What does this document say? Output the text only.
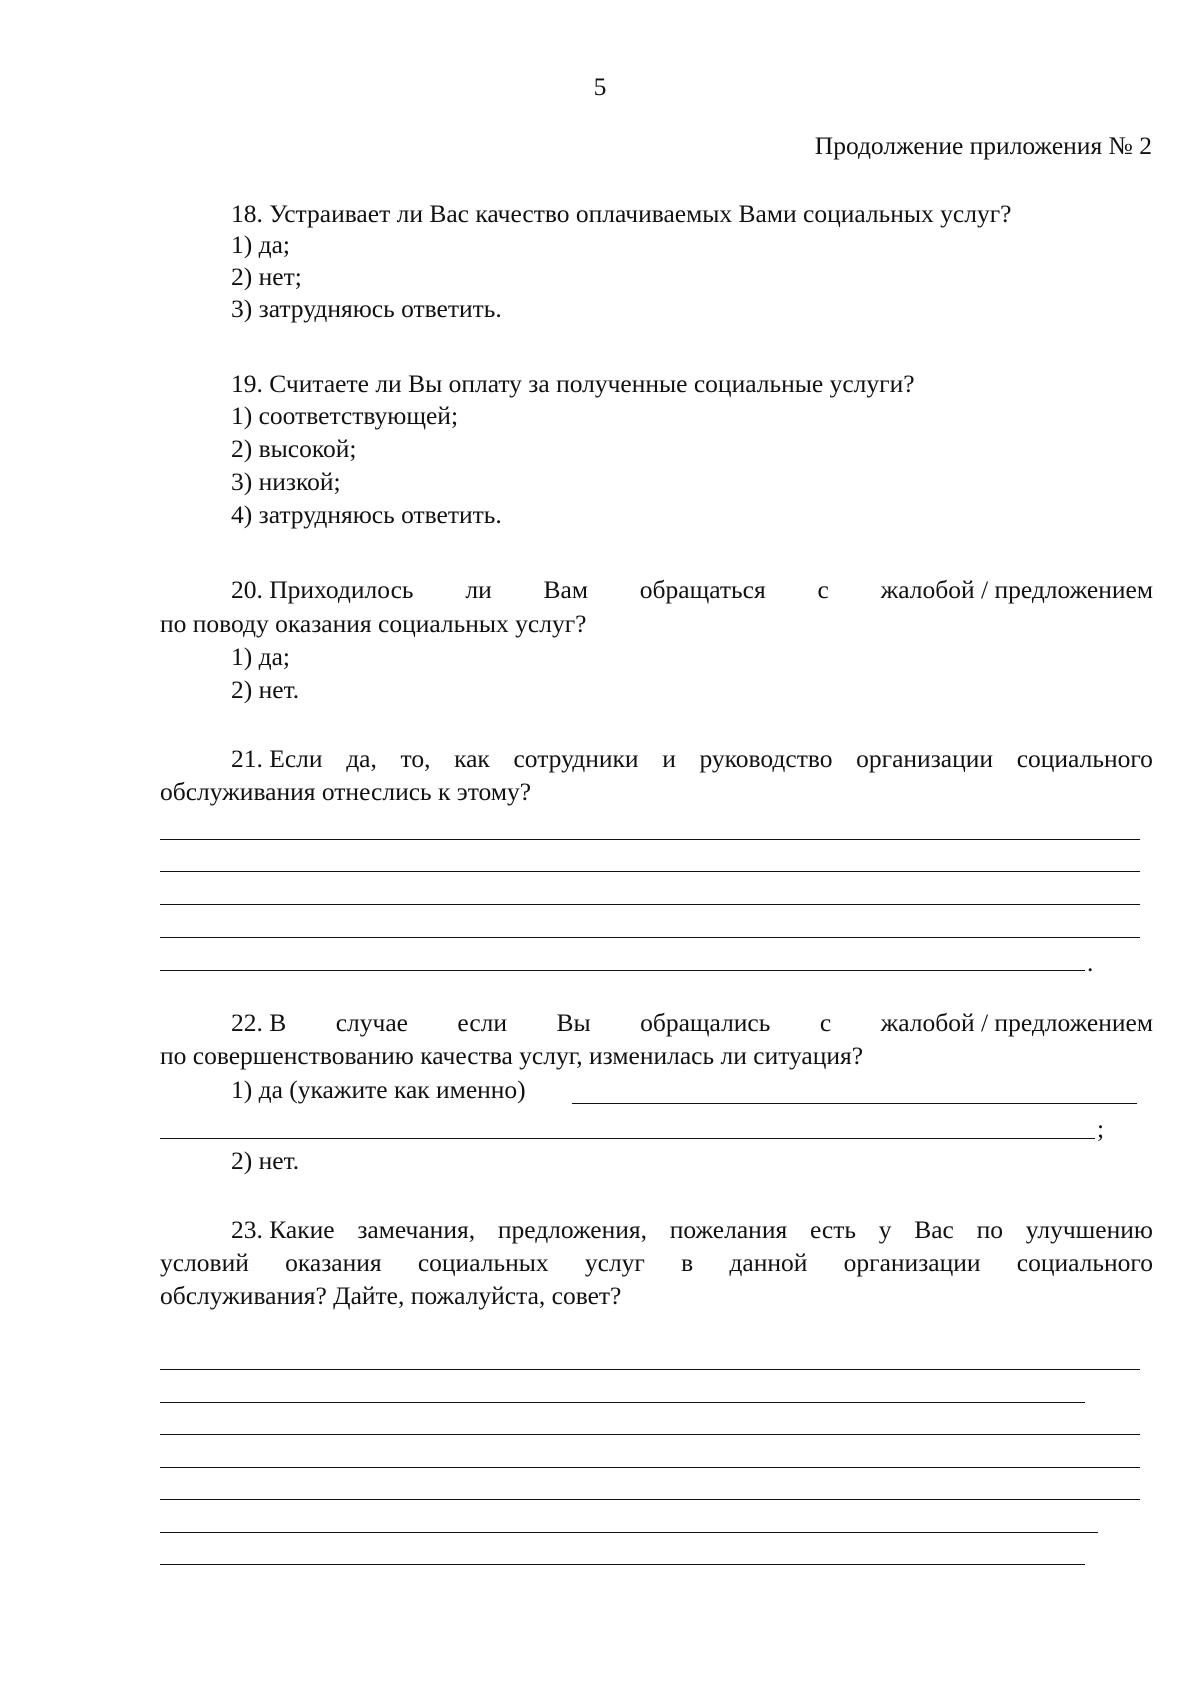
5
Продолжение приложения № 2
18. Устраивает ли Вас качество оплачиваемых Вами социальных услуг?
1) да;
2) нет;
3) затрудняюсь ответить.
19. Считаете ли Вы оплату за полученные социальные услуги?
1) соответствующей;
2) высокой;
3) низкой;
4) затрудняюсь ответить.
20. Приходилось ли Вам обращаться с жалобой / предложением
по поводу оказания социальных услуг?
1) да;
2) нет.
21. Если да, то, как сотрудники и руководство организации социального
обслуживания отнеслись к этому?
.
22. В случае если Вы обращались с жалобой / предложением
по совершенствованию качества услуг, изменилась ли ситуация?
1) да (укажите как именно)
;
2) нет.
23. Какие замечания, предложения, пожелания есть у Вас по улучшению
условий оказания социальных услуг в данной организации социального
обслуживания? Дайте, пожалуйста, совет?
